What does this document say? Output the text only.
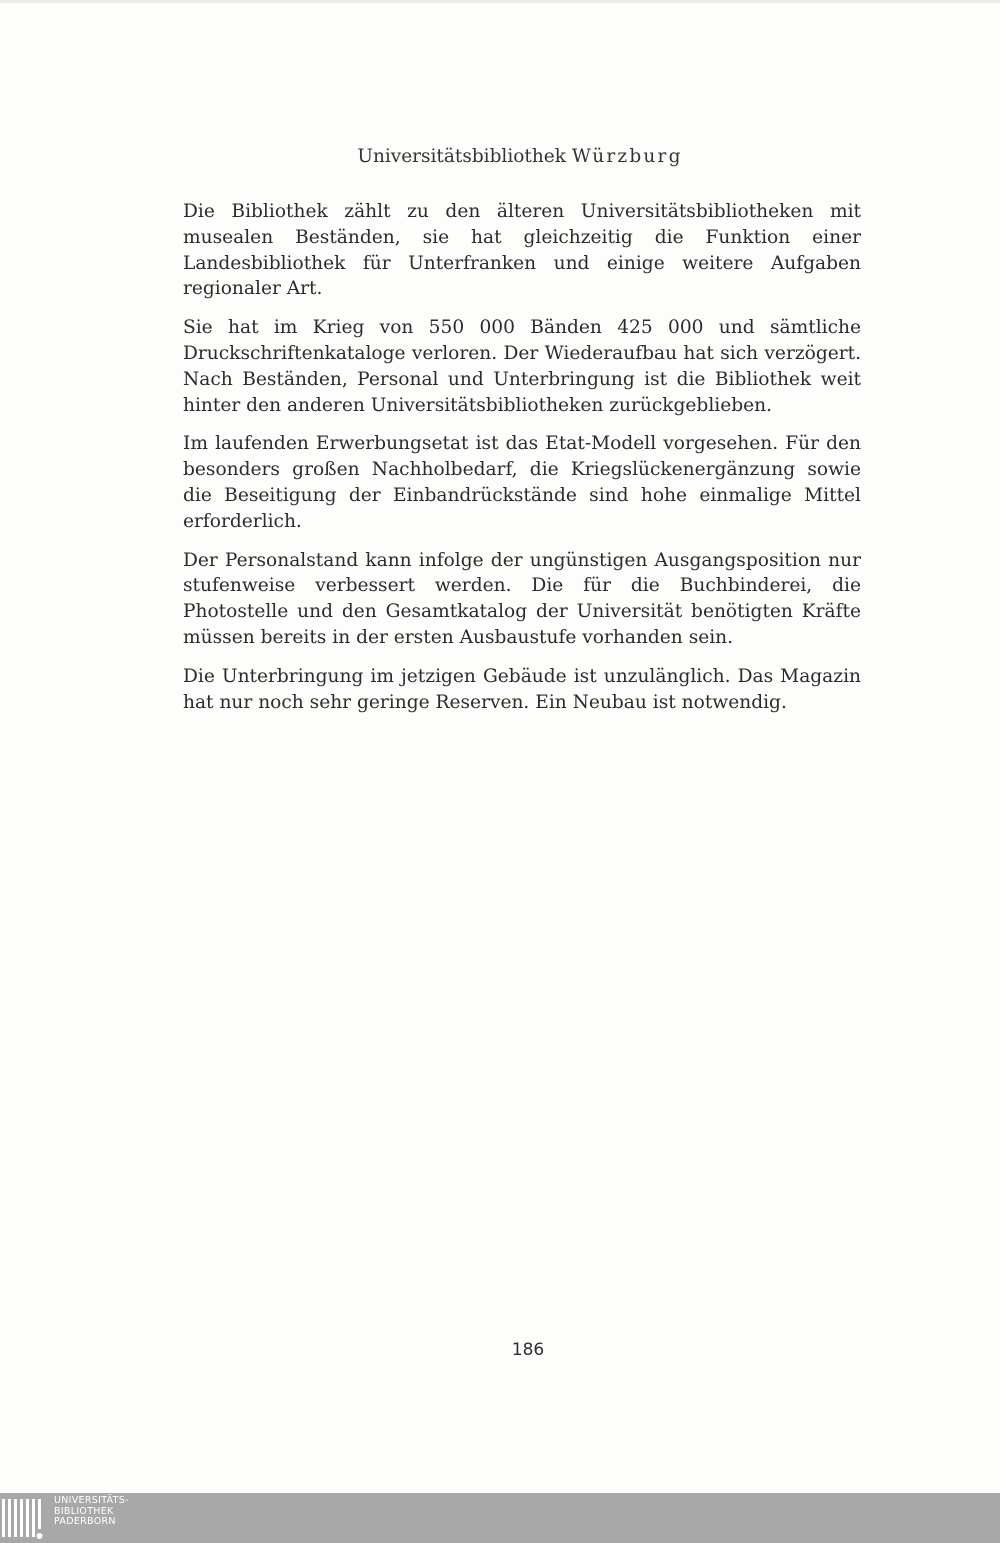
Universitätsbibliothek Würzburg

Die Bibliothek zählt zu den älteren Universitätsbibliotheken mit musealen Beständen, sie hat gleichzeitig die Funktion einer Landesbibliothek für Unterfranken und einige weitere Aufgaben regionaler Art.

Sie hat im Krieg von 550 000 Bänden 425 000 und sämtliche Druckschriftenkataloge verloren. Der Wiederaufbau hat sich verzögert. Nach Beständen, Personal und Unterbringung ist die Bibliothek weit hinter den anderen Universitätsbibliotheken zurückgeblieben.

Im laufenden Erwerbungsetat ist das Etat-Modell vorgesehen. Für den besonders großen Nachholbedarf, die Kriegslückenergänzung sowie die Beseitigung der Einbandrückstände sind hohe einmalige Mittel erforderlich.

Der Personalstand kann infolge der ungünstigen Ausgangsposition nur stufenweise verbessert werden. Die für die Buchbinderei, die Photostelle und den Gesamtkatalog der Universität benötigten Kräfte müssen bereits in der ersten Ausbaustufe vorhanden sein.

Die Unterbringung im jetzigen Gebäude ist unzulänglich. Das Magazin hat nur noch sehr geringe Reserven. Ein Neubau ist notwendig.

186
UNIVERSITÄTS-
BIBLIOTHEK
PADERBORN
